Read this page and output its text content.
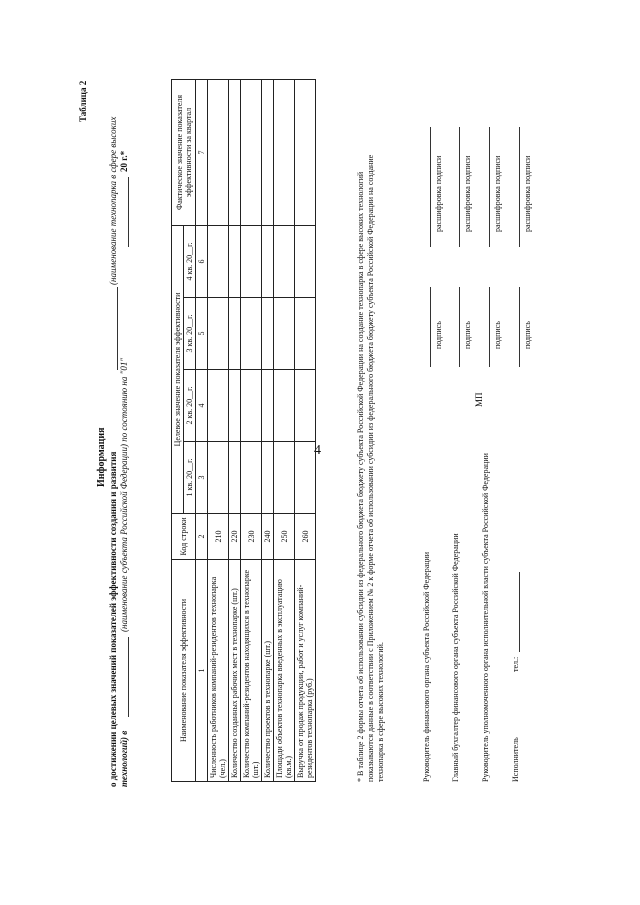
4
Таблица 2
Информация о достижении целевых значений показателей эффективности создания и развития
(наименование технопарка в сфере высоких
технологий) в
(наименование субъекта Российской Федерации) по состоянию на "01"
20 г.*
Наименование показателя эффективности	Код строки	Целевое значение показателя эффективности				Фактическое значение показателя эффективности за квартал
		1 кв. 20__г.	2 кв. 20__г.	3 кв. 20__г.	4 кв. 20__г.	
1	2	3	4	5	6	7
Численность работников компаний-резидентов технопарка (чел.)	210					
Количество созданных рабочих мест в технопарке (шт.)	220					
Количество компаний-резидентов находящихся в технопарке (шт.)	230					
Количество проектов в технопарке (шт.)	240					
Площади объектов технопарка введенных в эксплуатацию (кв.м.)	250					
Выручка от продаж продукции, работ и услуг компаний-резидентов технопарка (руб.)	260						* В таблице 2 формы отчета об использовании субсидии из федерального бюджета бюджету субъекта Российской Федерации на создание технопарка в сфере высоких технологий показываются данные в соответствии с Приложением № 2 к форме отчета об использовании субсидии из федерального бюджета бюджету субъекта Российской Федерации на создание технопарка в сфере высоких технологий.	Руководитель финансового органа субъекта Российской Федерации
подпись
расшифровка подписи
Главный бухгалтер финансового органа субъекта Российской Федерации
подпись
расшифровка подписи
Руководитель уполномоченного органа исполнительной власти субъекта Российской Федерации
МП
подпись
расшифровка подписи
Исполнитель
тел.:
подпись
расшифровка подписи
